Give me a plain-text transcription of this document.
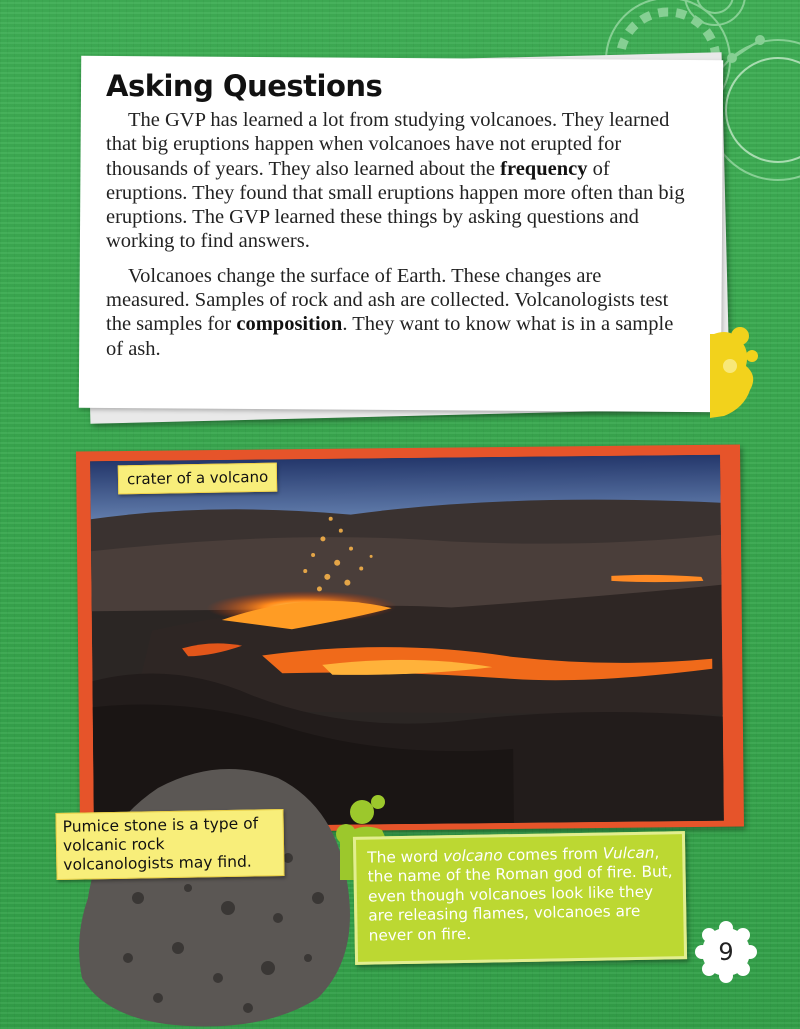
Asking Questions

The GVP has learned a lot from studying volcanoes. They learned that big eruptions happen when volcanoes have not erupted for thousands of years. They also learned about the frequency of eruptions. They found that small eruptions happen more often than big eruptions. The GVP learned these things by asking questions and working to find answers.

Volcanoes change the surface of Earth. These changes are measured. Samples of rock and ash are collected. Volcanologists test the samples for composition. They want to know what is in a sample of ash.

crater of a volcano
Pumice stone is a type of volcanic rock volcanologists may find.	The word volcano comes from Vulcan, the name of the Roman god of fire. But, even though volcanoes look like they are releasing flames, volcanoes are never on fire.

9
